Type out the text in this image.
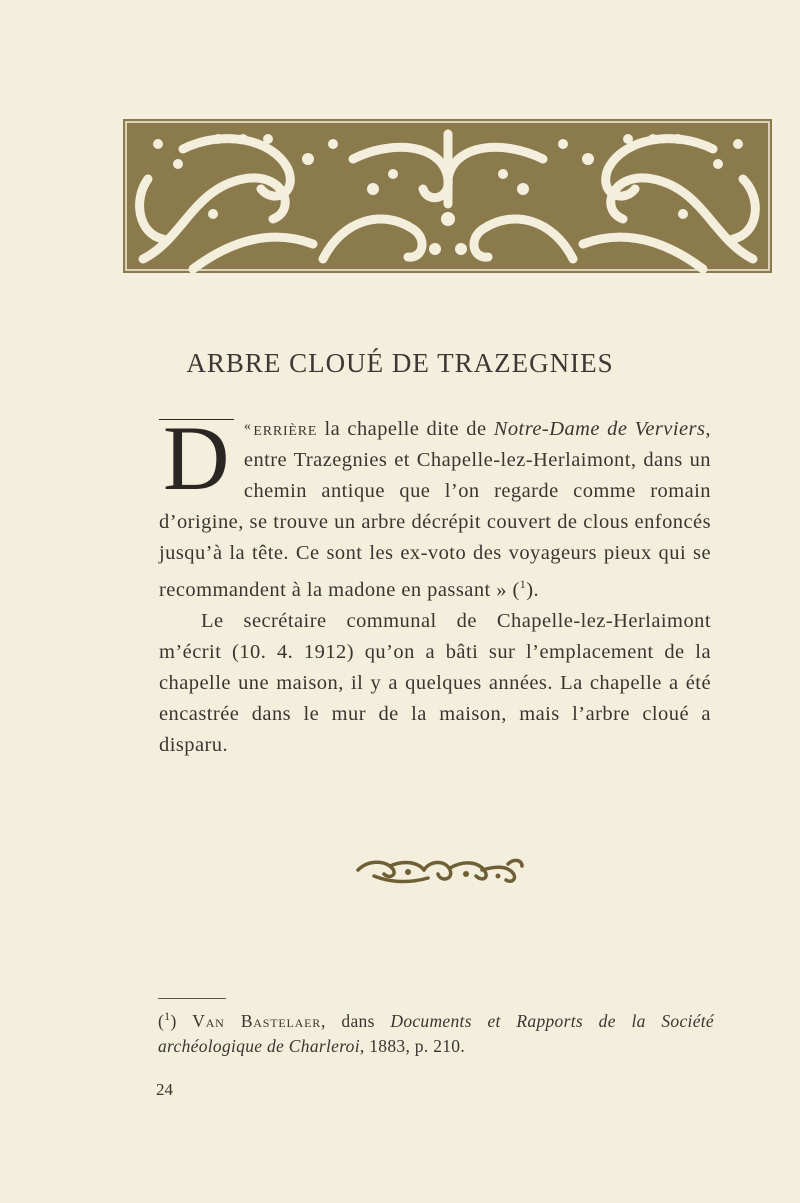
ARBRE CLOUÉ DE TRAZEGNIES

D «errière la chapelle dite de Notre-Dame de Verviers, entre Trazegnies et Chapelle-lez-Herlaimont, dans un chemin antique que l’on regarde comme romain d’origine, se trouve un arbre décrépit couvert de clous enfoncés jusqu’à la tête. Ce sont les ex-voto des voyageurs pieux qui se recommandent à la madone en passant » ($^1$).

Le secrétaire communal de Chapelle-lez-Herlaimont m’écrit (10. 4. 1912) qu’on a bâti sur l’emplacement de la chapelle une maison, il y a quelques années. La chapelle a été encastrée dans le mur de la maison, mais l’arbre cloué a disparu.

($^1$) Van Bastelaer, dans Documents et Rapports de la Société archéologique de Charleroi, 1883, p. 210.
24
